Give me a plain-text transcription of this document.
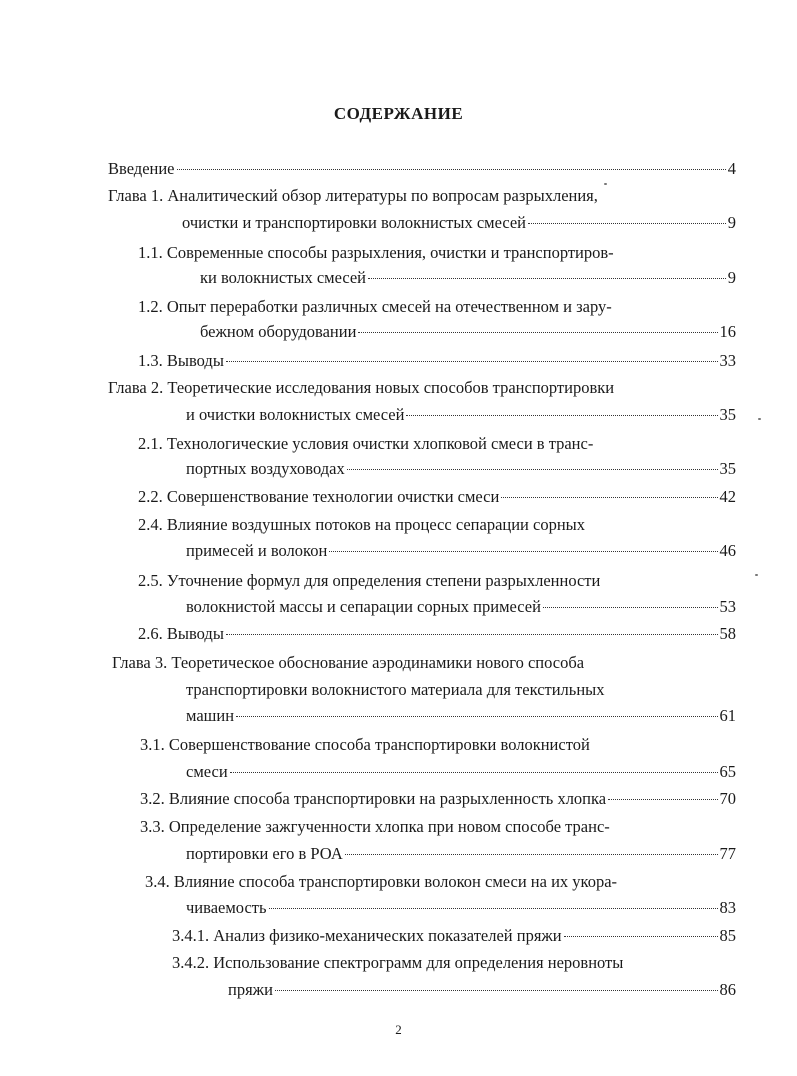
СОДЕРЖАНИЕ
Введение	4
Глава 1. Аналитический обзор литературы по вопросам разрыхления,
очистки и транспортировки волокнистых смесей	9
1.1. Современные способы разрыхления, очистки и транспортиров-
ки волокнистых смесей	9
1.2. Опыт переработки различных смесей на отечественном и зару-
бежном оборудовании	16
1.3. Выводы	33
Глава 2. Теоретические исследования новых способов транспортировки
и очистки волокнистых смесей	35
2.1. Технологические условия очистки хлопковой смеси в транс-
портных воздуховодах	35
2.2. Совершенствование технологии очистки смеси	42
2.4. Влияние воздушных потоков на процесс сепарации сорных
примесей и волокон	46
2.5. Уточнение формул для определения степени разрыхленности
волокнистой массы и сепарации сорных примесей	53
2.6. Выводы	58
Глава 3. Теоретическое обоснование аэродинамики нового способа
транспортировки волокнистого материала для текстильных
машин	61
3.1. Совершенствование способа транспортировки волокнистой
смеси	65
3.2. Влияние способа транспортировки на разрыхленность хлопка	70
3.3. Определение зажгученности хлопка при новом способе транс-
портировки его в РОА	77
3.4. Влияние способа транспортировки волокон смеси на их укора-
чиваемость	83
3.4.1. Анализ физико-механических показателей пряжи	85
3.4.2. Использование спектрограмм для определения неровноты
пряжи	86
2
